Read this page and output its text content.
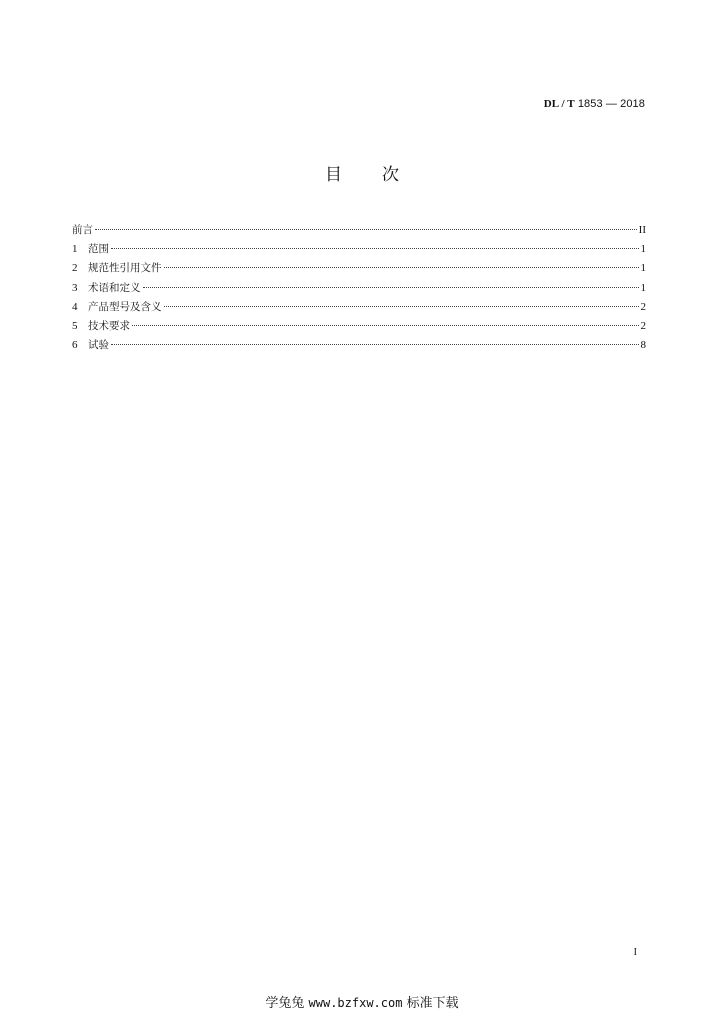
DL / T 1853 — 2018
目 次
前言	II
1	范围	1
2	规范性引用文件	1
3	术语和定义	1
4	产品型号及含义	2
5	技术要求	2
6	试验	8
I
学兔兔 www.bzfxw.com 标准下载
